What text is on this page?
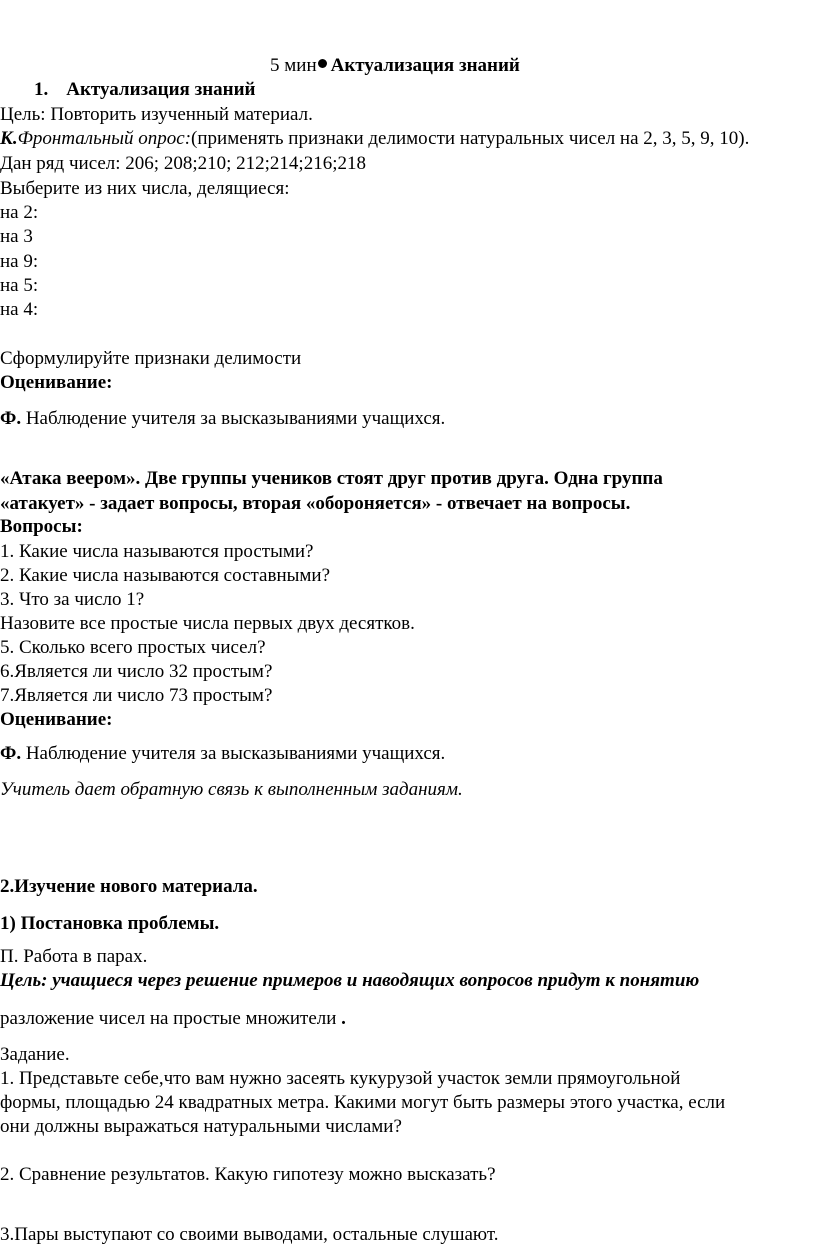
5 мин Актуализация знаний
1. Актуализация знаний
Цель: Повторить изученный материал.
К.Фронтальный опрос:(применять признаки делимости натуральных чисел на 2, 3, 5, 9, 10).
Дан ряд чисел: 206; 208;210; 212;214;216;218
Выберите из них числа, делящиеся:
на 2:
на 3
на 9:
на 5:
на 4:
Сформулируйте признаки делимости
Оценивание:
Ф. Наблюдение учителя за высказываниями учащихся.
«Атака веером». Две группы учеников стоят друг против друга. Одна группа
«атакует» - задает вопросы, вторая «обороняется» - отвечает на вопросы.
Вопросы:
1. Какие числа называются простыми?
2. Какие числа называются составными?
3. Что за число 1?
Назовите все простые числа первых двух десятков.
5. Сколько всего простых чисел?
6.Является ли число 32 простым?
7.Является ли число 73 простым?
Оценивание:
Ф. Наблюдение учителя за высказываниями учащихся.
Учитель дает обратную связь к выполненным заданиям.
2.Изучение нового материала.
1) Постановка проблемы.
П. Работа в парах.
Цель: учащиеся через решение примеров и наводящих вопросов придут к понятию
разложение чисел на простые множители .
Задание.
1. Представьте себе,что вам нужно засеять кукурузой участок земли прямоугольной
формы, площадью 24 квадратных метра. Какими могут быть размеры этого участка, если
они должны выражаться натуральными числами?
2. Сравнение результатов. Какую гипотезу можно высказать?
3.Пары выступают со своими выводами, остальные слушают.
